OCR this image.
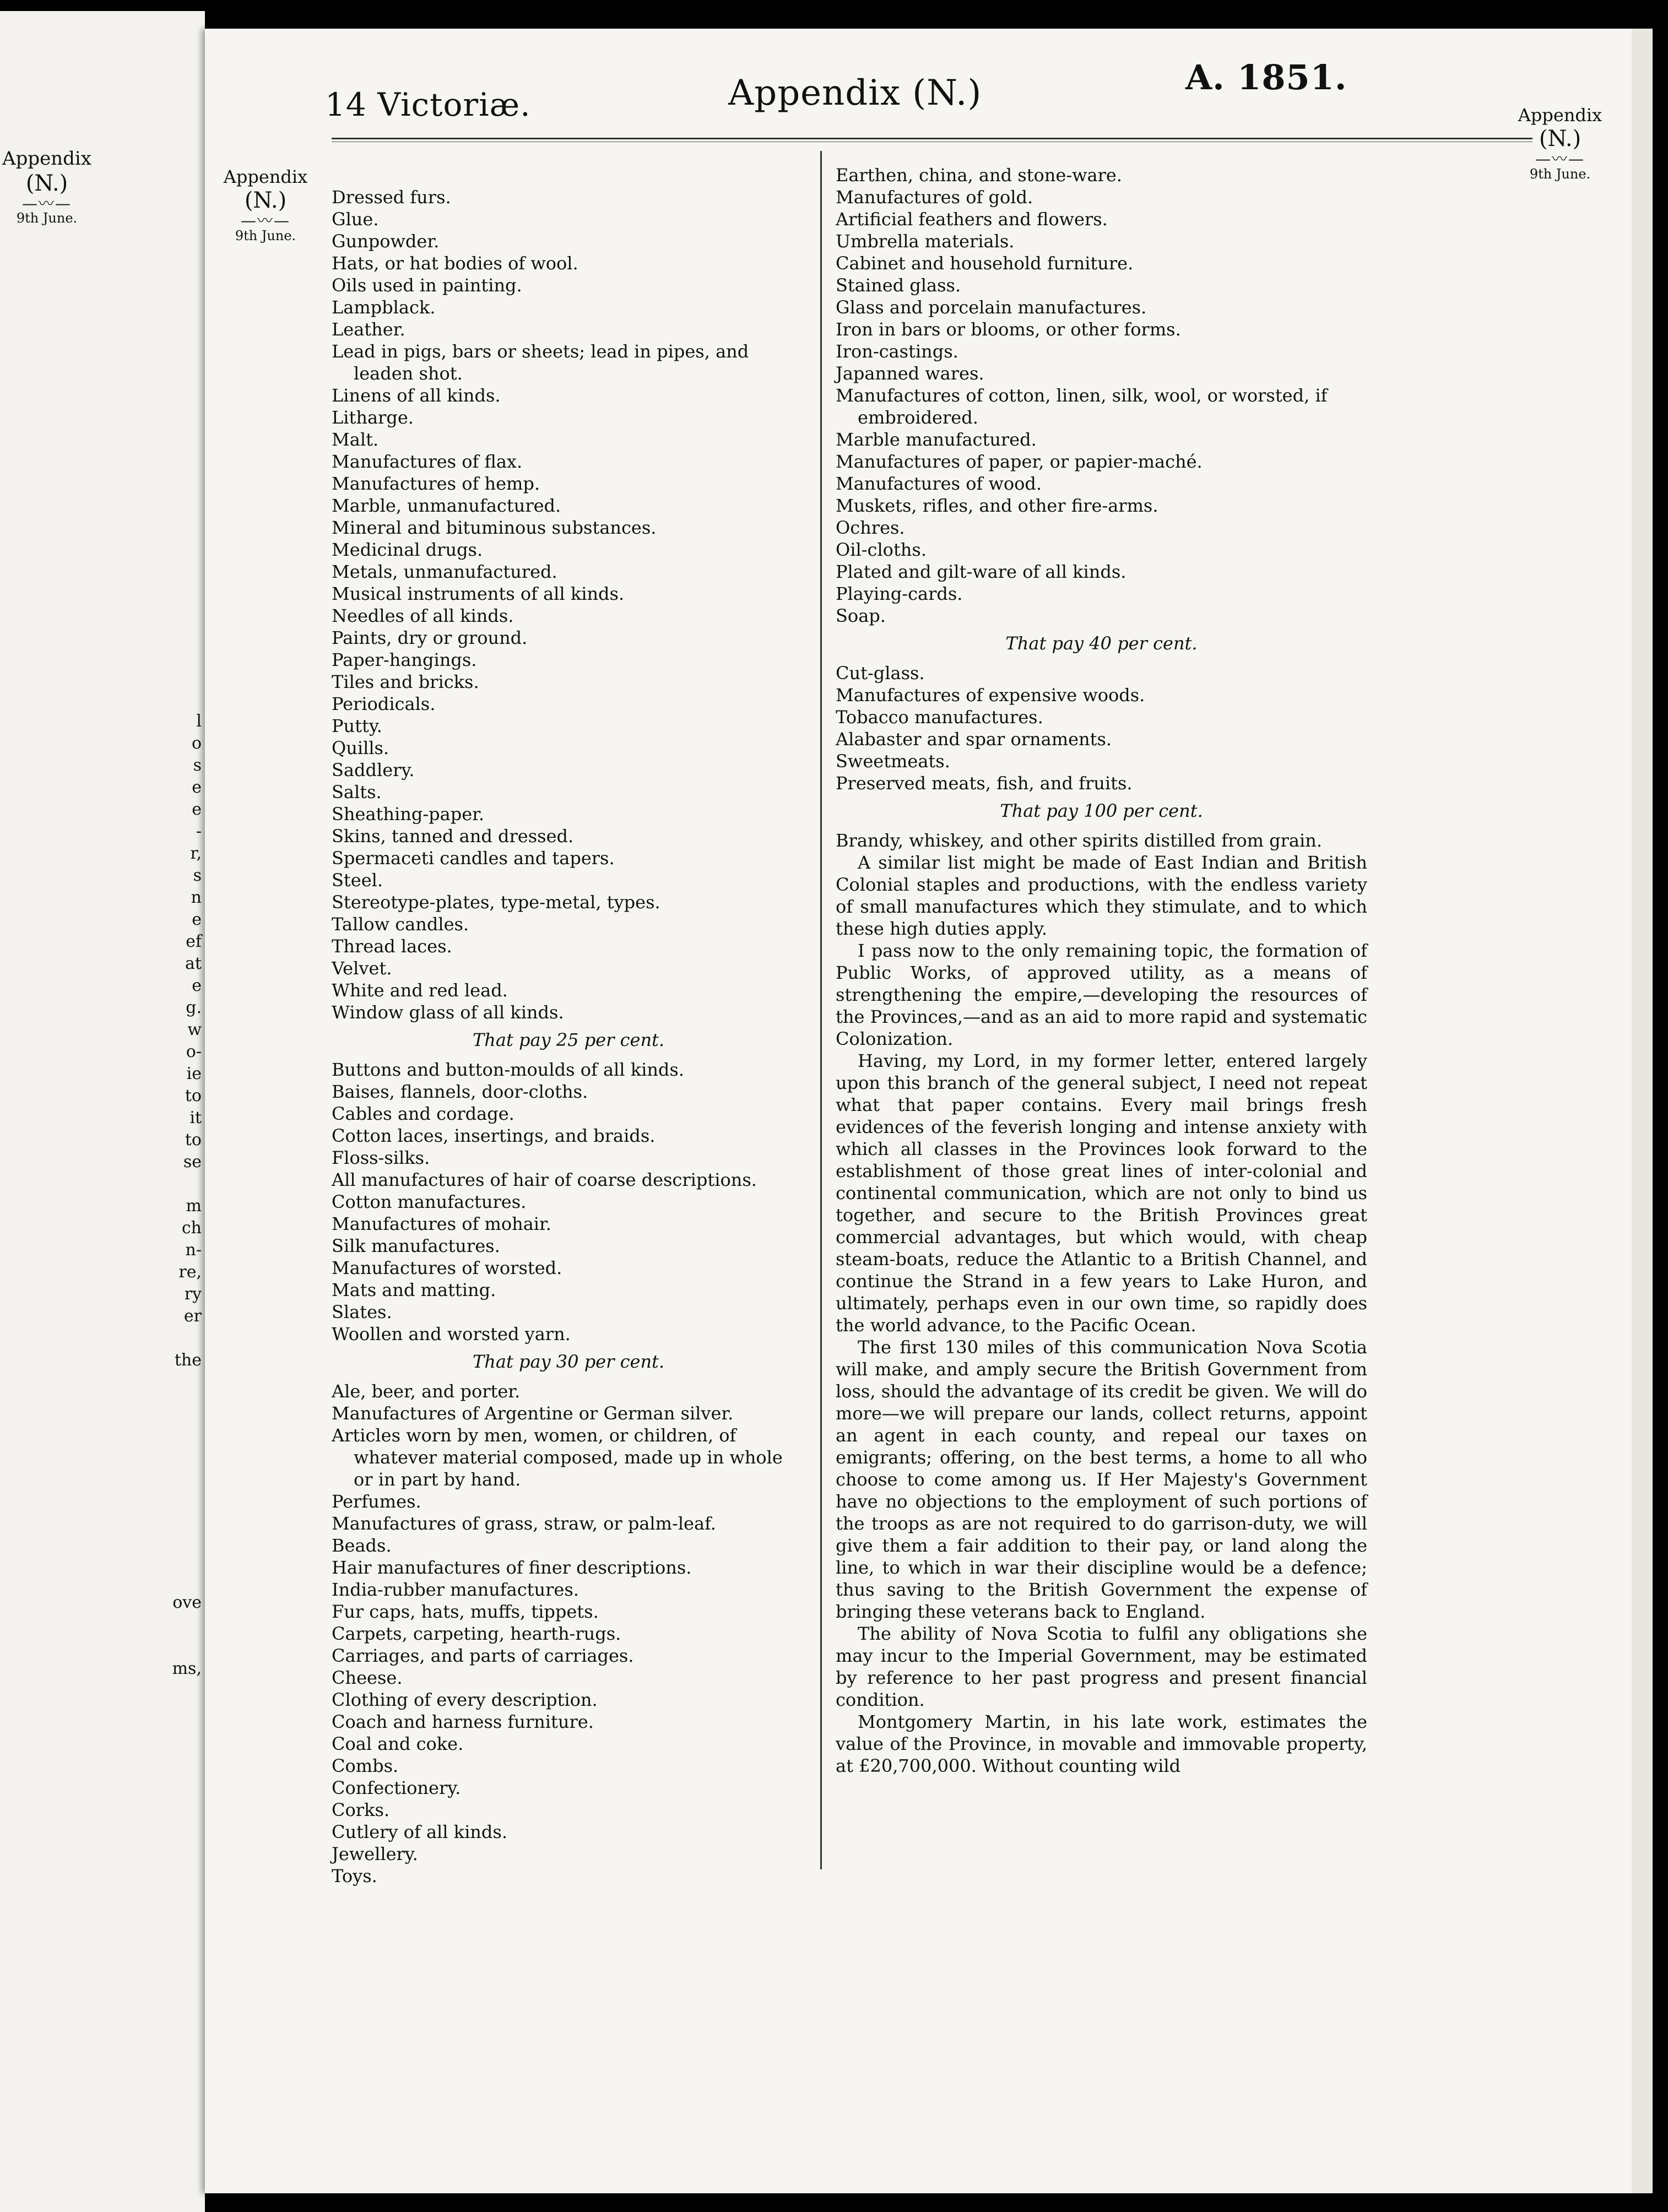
Appendix
(N.)
—〰—
9th June.
l
o
s
e
e
-
r,
s
n
e
ef
at
e
g.
w
o-
ie
to
it
to
se
m
ch
n-
re,
ry
er
the
ove
ms,
14 Victoriæ.	Appendix (N.)	A. 1851.
Appendix
(N.)
—〰—
9th June.
Appendix
(N.)
—〰—
9th June.

Dressed furs.

Glue.

Gunpowder.

Hats, or hat bodies of wool.

Oils used in painting.

Lampblack.

Leather.

Lead in pigs, bars or sheets; lead in pipes, and leaden shot.

Linens of all kinds.

Litharge.

Malt.

Manufactures of flax.

Manufactures of hemp.

Marble, unmanufactured.

Mineral and bituminous substances.

Medicinal drugs.

Metals, unmanufactured.

Musical instruments of all kinds.

Needles of all kinds.

Paints, dry or ground.

Paper-hangings.

Tiles and bricks.

Periodicals.

Putty.

Quills.

Saddlery.

Salts.

Sheathing-paper.

Skins, tanned and dressed.

Spermaceti candles and tapers.

Steel.

Stereotype-plates, type-metal, types.

Tallow candles.

Thread laces.

Velvet.

White and red lead.

Window glass of all kinds.

That pay 25 per cent.

Buttons and button-moulds of all kinds.

Baises, flannels, door-cloths.

Cables and cordage.

Cotton laces, insertings, and braids.

Floss-silks.

All manufactures of hair of coarse descriptions.

Cotton manufactures.

Manufactures of mohair.

Silk manufactures.

Manufactures of worsted.

Mats and matting.

Slates.

Woollen and worsted yarn.

That pay 30 per cent.

Ale, beer, and porter.

Manufactures of Argentine or German silver.

Articles worn by men, women, or children, of whatever material composed, made up in whole or in part by hand.

Perfumes.

Manufactures of grass, straw, or palm-leaf.

Beads.

Hair manufactures of finer descriptions.

India-rubber manufactures.

Fur caps, hats, muffs, tippets.

Carpets, carpeting, hearth-rugs.

Carriages, and parts of carriages.

Cheese.

Clothing of every description.

Coach and harness furniture.

Coal and coke.

Combs.

Confectionery.

Corks.

Cutlery of all kinds.

Jewellery.

Toys.

Earthen, china, and stone-ware.

Manufactures of gold.

Artificial feathers and flowers.

Umbrella materials.

Cabinet and household furniture.

Stained glass.

Glass and porcelain manufactures.

Iron in bars or blooms, or other forms.

Iron-castings.

Japanned wares.

Manufactures of cotton, linen, silk, wool, or worsted, if embroidered.

Marble manufactured.

Manufactures of paper, or papier-maché.

Manufactures of wood.

Muskets, rifles, and other fire-arms.

Ochres.

Oil-cloths.

Plated and gilt-ware of all kinds.

Playing-cards.

Soap.

That pay 40 per cent.

Cut-glass.

Manufactures of expensive woods.

Tobacco manufactures.

Alabaster and spar ornaments.

Sweetmeats.

Preserved meats, fish, and fruits.

That pay 100 per cent.

Brandy, whiskey, and other spirits distilled from grain.

A similar list might be made of East Indian and British Colonial staples and productions, with the endless variety of small manufactures which they stimulate, and to which these high duties apply.

I pass now to the only remaining topic, the formation of Public Works, of approved utility, as a means of strengthening the empire,—developing the resources of the Provinces,—and as an aid to more rapid and systematic Colonization.

Having, my Lord, in my former letter, entered largely upon this branch of the general subject, I need not repeat what that paper contains. Every mail brings fresh evidences of the feverish longing and intense anxiety with which all classes in the Provinces look forward to the establishment of those great lines of inter-colonial and continental communication, which are not only to bind us together, and secure to the British Provinces great commercial advantages, but which would, with cheap steam-boats, reduce the Atlantic to a British Channel, and continue the Strand in a few years to Lake Huron, and ultimately, perhaps even in our own time, so rapidly does the world advance, to the Pacific Ocean.

The first 130 miles of this communication Nova Scotia will make, and amply secure the British Government from loss, should the advantage of its credit be given. We will do more—we will prepare our lands, collect returns, appoint an agent in each county, and repeal our taxes on emigrants; offering, on the best terms, a home to all who choose to come among us. If Her Majesty's Government have no objections to the employment of such portions of the troops as are not required to do garrison-duty, we will give them a fair addition to their pay, or land along the line, to which in war their discipline would be a defence; thus saving to the British Government the expense of bringing these veterans back to England.

The ability of Nova Scotia to fulfil any obligations she may incur to the Imperial Government, may be estimated by reference to her past progress and present financial condition.

Montgomery Martin, in his late work, estimates the value of the Province, in movable and immovable property, at £20,700,000. Without counting wild
